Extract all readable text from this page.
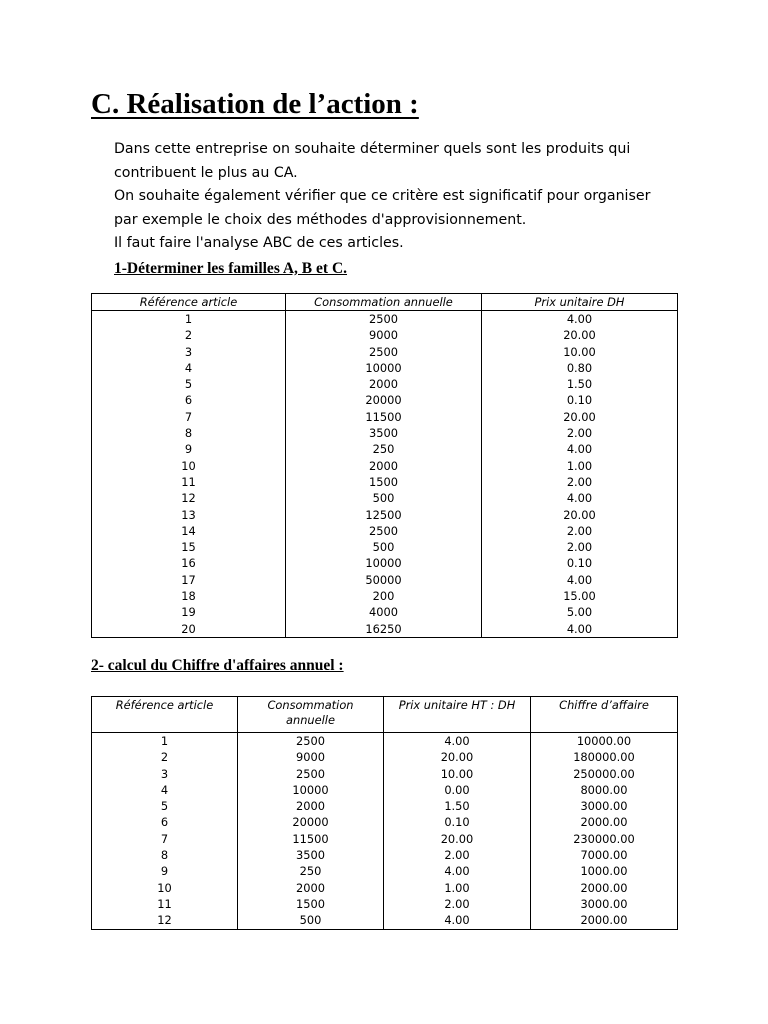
C. Réalisation de l’action :

Dans cette entreprise on souhaite déterminer quels sont les produits qui

contribuent le plus au CA.

On souhaite également vérifier que ce critère est significatif pour organiser

par exemple le choix des méthodes d'approvisionnement.

Il faut faire l'analyse ABC de ces articles.

1-Déterminer les familles A, B et C.
Référence article	Consommation annuelle	Prix unitaire DH
1	2500	4.00
2	9000	20.00
3	2500	10.00
4	10000	0.80
5	2000	1.50
6	20000	0.10
7	11500	20.00
8	3500	2.00
9	250	4.00
10	2000	1.00
11	1500	2.00
12	500	4.00
13	12500	20.00
14	2500	2.00
15	500	2.00
16	10000	0.10
17	50000	4.00
18	200	15.00
19	4000	5.00
20	16250	4.00
2- calcul du Chiffre d'affaires annuel :
Référence article	Consommation annuelle	Prix unitaire HT : DH	Chiffre d’affaire
1	2500	4.00	10000.00
2	9000	20.00	180000.00
3	2500	10.00	250000.00
4	10000	0.00	8000.00
5	2000	1.50	3000.00
6	20000	0.10	2000.00
7	11500	20.00	230000.00
8	3500	2.00	7000.00
9	250	4.00	1000.00
10	2000	1.00	2000.00
11	1500	2.00	3000.00
12	500	4.00	2000.00
